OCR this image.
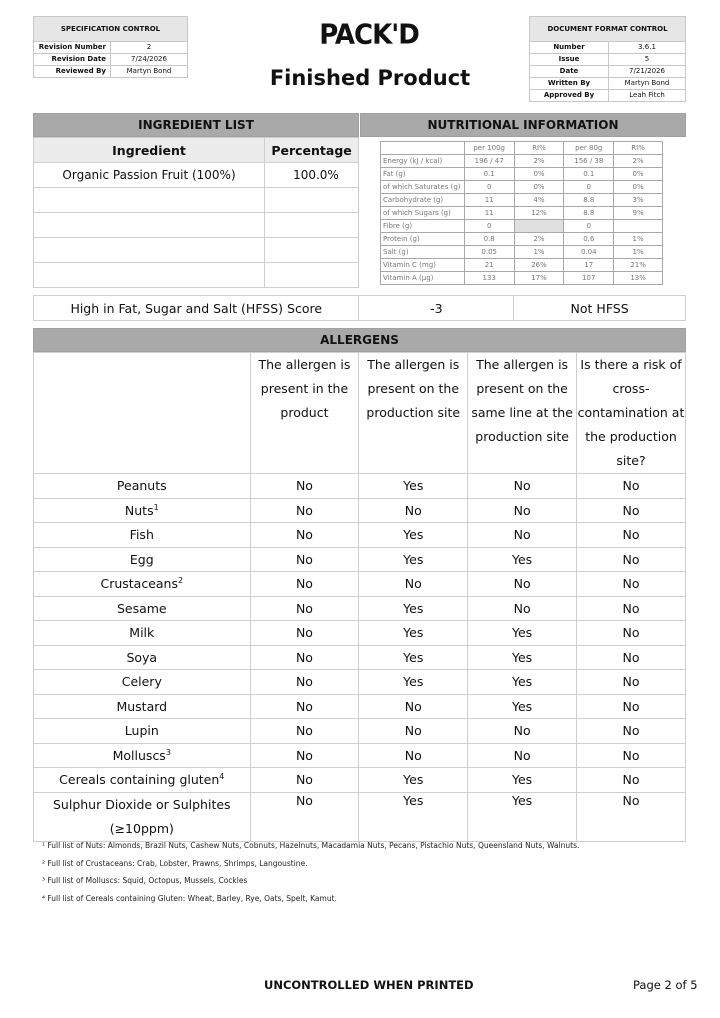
SPECIFICATION CONTROL	
Revision Number	2
Revision Date	7/24/2026
Reviewed By	Martyn Bond
PACK'D
Finished Product
DOCUMENT FORMAT CONTROL	
Number	3.6.1
Issue	5
Date	7/21/2026
Written By	Martyn Bond
Approved By	Leah Fitch
INGREDIENT LIST	NUTRITIONAL INFORMATION
Ingredient	Percentage
Organic Passion Fruit (100%)	100.0%

	per 100g	RI%	per 80g	RI%
Energy (kJ / kcal)	196 / 47	2%	156 / 38	2%
Fat (g)	0.1	0%	0.1	0%
of which Saturates (g)	0	0%	0	0%
Carbohydrate (g)	11	4%	8.8	3%
of which Sugars (g)	11	12%	8.8	9%
Fibre (g)	0		0	
Protein (g)	0.8	2%	0.6	1%
Salt (g)	0.05	1%	0.04	1%
Vitamin C (mg)	21	26%	17	21%
Vitamin A (µg)	133	17%	107	13%
High in Fat, Sugar and Salt (HFSS) Score	-3	Not HFSS
ALLERGENS
	The allergen is present in the product	The allergen is present on the production site	The allergen is present on the same line at the production site	Is there a risk of cross-contamination at the production site?
Peanuts	No	Yes	No	No
Nuts$^1$	No	No	No	No
Fish	No	Yes	No	No
Egg	No	Yes	Yes	No
Crustaceans$^2$	No	No	No	No
Sesame	No	Yes	No	No
Milk	No	Yes	Yes	No
Soya	No	Yes	Yes	No
Celery	No	Yes	Yes	No
Mustard	No	No	Yes	No
Lupin	No	No	No	No
Molluscs$^3$	No	No	No	No
Cereals containing gluten$^4$	No	Yes	Yes	No
Sulphur Dioxide or Sulphites (≥10ppm)	No	Yes	Yes	No
¹ Full list of Nuts: Almonds, Brazil Nuts, Cashew Nuts, Cobnuts, Hazelnuts, Macadamia Nuts, Pecans, Pistachio Nuts, Queensland Nuts, Walnuts.
² Full list of Crustaceans: Crab, Lobster, Prawns, Shrimps, Langoustine.
³ Full list of Molluscs: Squid, Octopus, Mussels, Cockles
⁴ Full list of Cereals containing Gluten: Wheat, Barley, Rye, Oats, Spelt, Kamut.
UNCONTROLLED WHEN PRINTED	Page 2 of 5
